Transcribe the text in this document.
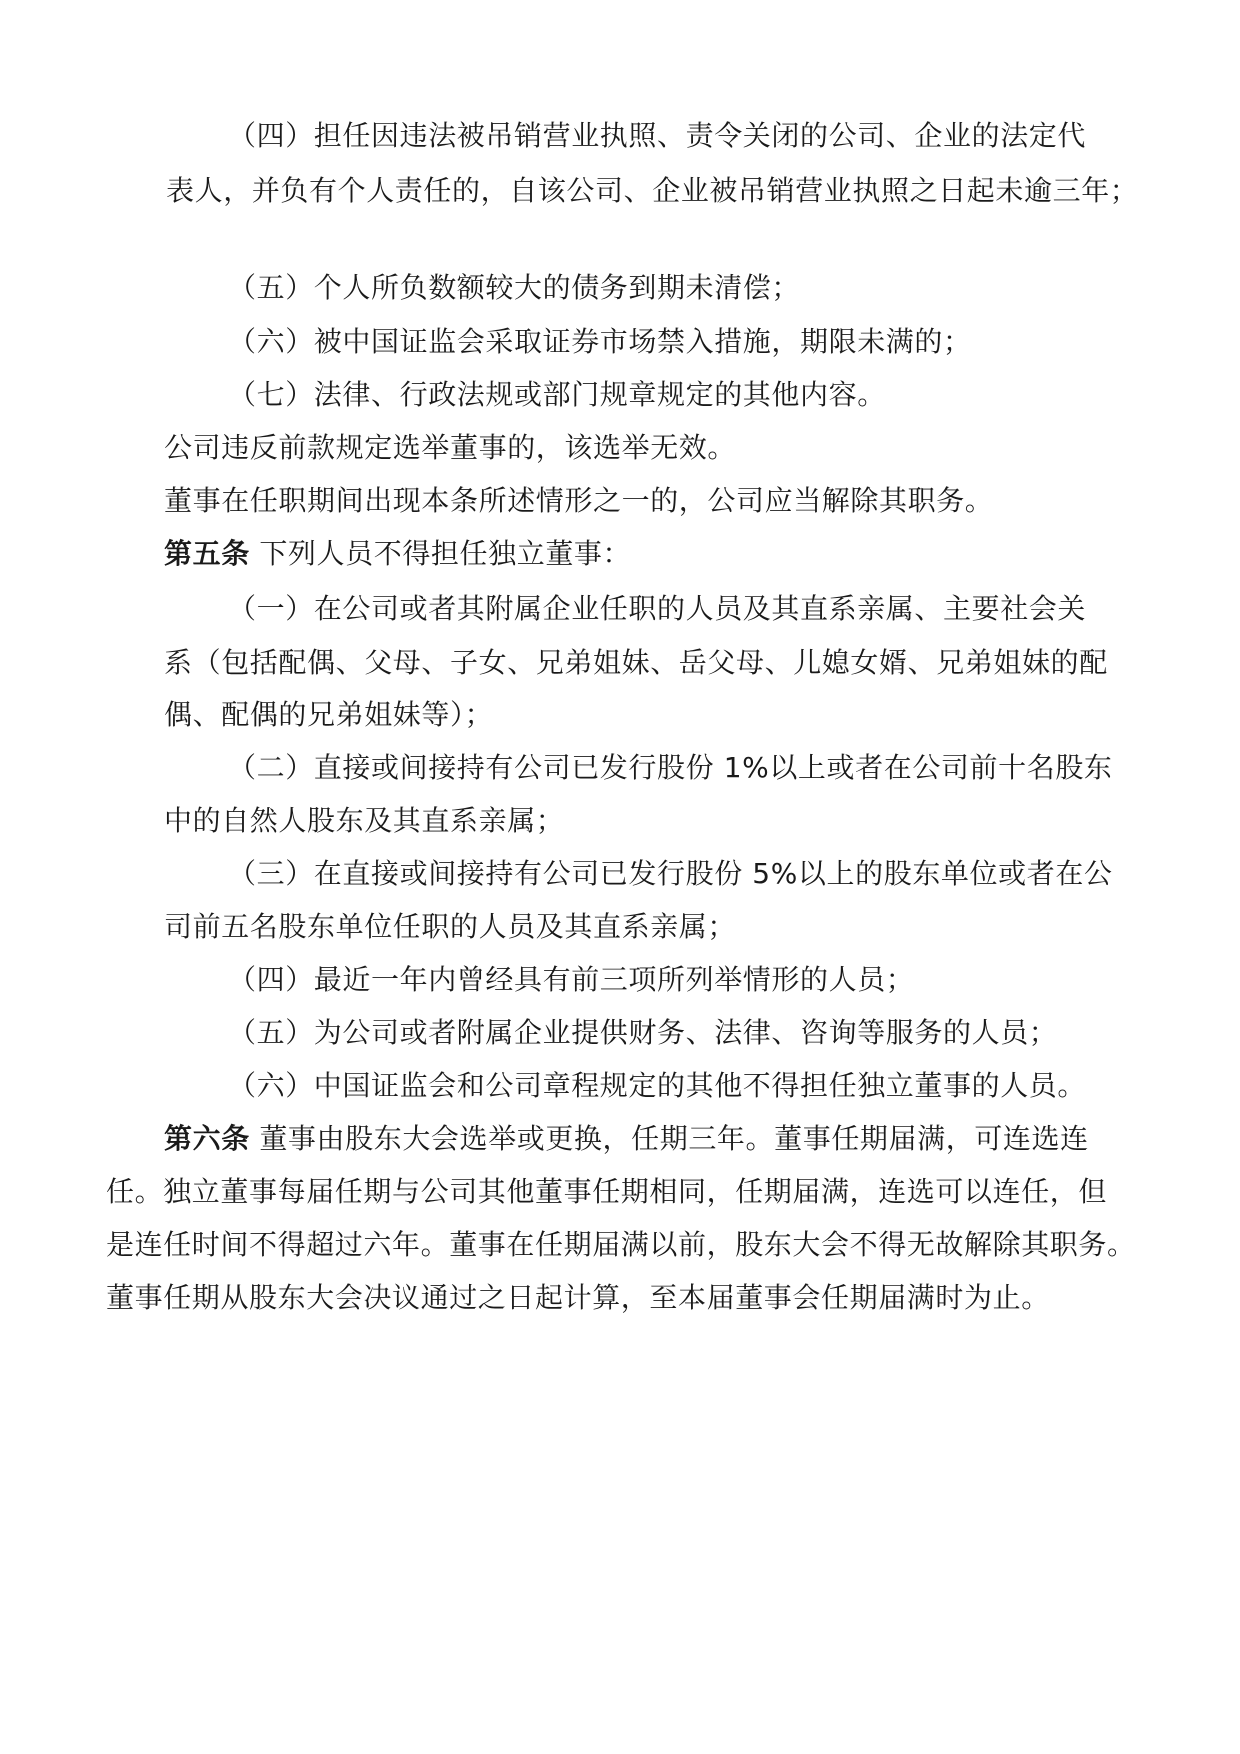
（四）担任因违法被吊销营业执照、责令关闭的公司、企业的法定代

表人，并负有个人责任的，自该公司、企业被吊销营业执照之日起未逾三年；

（五）个人所负数额较大的债务到期未清偿；

（六）被中国证监会采取证券市场禁入措施，期限未满的；

（七）法律、行政法规或部门规章规定的其他内容。

公司违反前款规定选举董事的，该选举无效。

董事在任职期间出现本条所述情形之一的，公司应当解除其职务。

第五条 下列人员不得担任独立董事：

（一）在公司或者其附属企业任职的人员及其直系亲属、主要社会关

系（包括配偶、父母、子女、兄弟姐妹、岳父母、儿媳女婿、兄弟姐妹的配

偶、配偶的兄弟姐妹等）；

（二）直接或间接持有公司已发行股份 1%以上或者在公司前十名股东

中的自然人股东及其直系亲属；

（三）在直接或间接持有公司已发行股份 5%以上的股东单位或者在公

司前五名股东单位任职的人员及其直系亲属；

（四）最近一年内曾经具有前三项所列举情形的人员；

（五）为公司或者附属企业提供财务、法律、咨询等服务的人员；

（六）中国证监会和公司章程规定的其他不得担任独立董事的人员。

第六条 董事由股东大会选举或更换，任期三年。董事任期届满，可连选连

任。独立董事每届任期与公司其他董事任期相同，任期届满，连选可以连任，但

是连任时间不得超过六年。董事在任期届满以前，股东大会不得无故解除其职务。

董事任期从股东大会决议通过之日起计算，至本届董事会任期届满时为止。
